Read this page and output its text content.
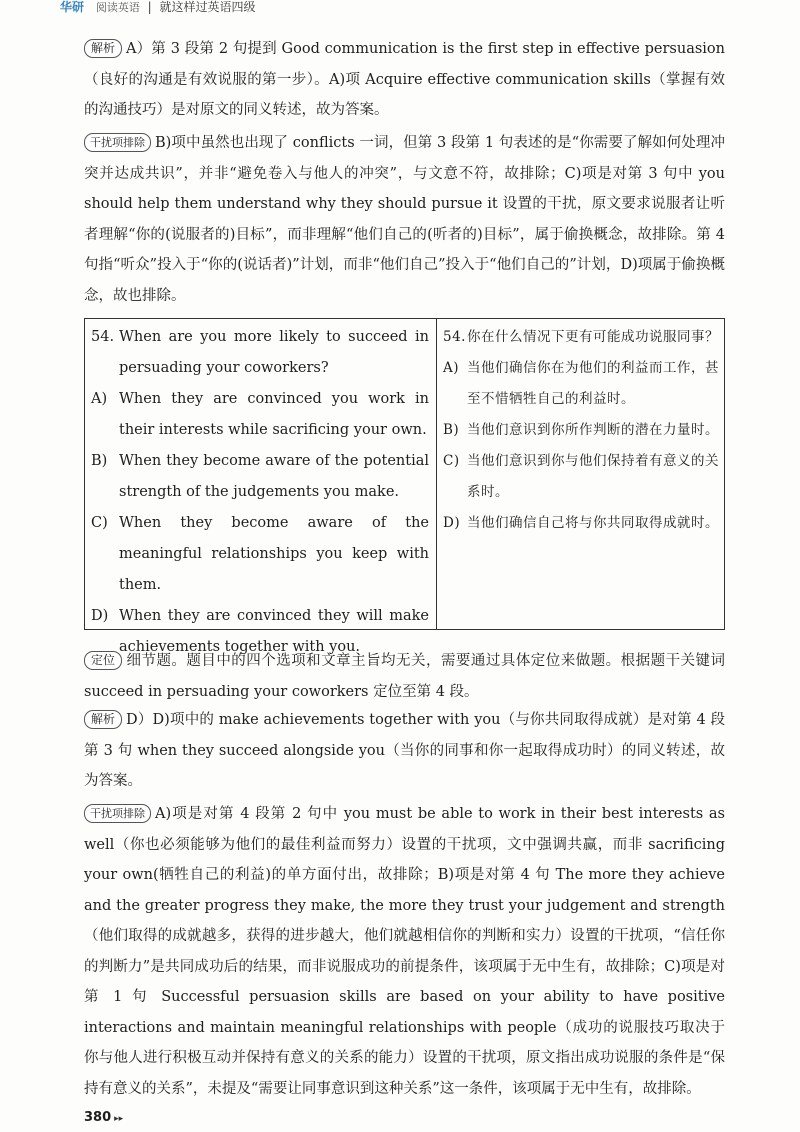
华研 阅读英语 | 就这样过英语四级

解析 A）第 3 段第 2 句提到 Good communication is the first step in effective persuasion（良好的沟通是有效说服的第一步）。A)项 Acquire effective communication skills（掌握有效的沟通技巧）是对原文的同义转述，故为答案。

干扰项排除 B)项中虽然也出现了 conflicts 一词，但第 3 段第 1 句表述的是“你需要了解如何处理冲突并达成共识”，并非“避免卷入与他人的冲突”，与文意不符，故排除；C)项是对第 3 句中 you should help them understand why they should pursue it 设置的干扰，原文要求说服者让听者理解“你的(说服者的)目标”，而非理解“他们自己的(听者的)目标”，属于偷换概念，故排除。第 4 句指“听众”投入于“你的(说话者)”计划，而非“他们自己”投入于“他们自己的”计划，D)项属于偷换概念，故也排除。

54. When are you more likely to succeed in persuading your coworkers?
A) When they are convinced you work in their interests while sacrificing your own.
B) When they become aware of the potential strength of the judgements you make.
C) When they become aware of the meaningful relationships you keep with them.
D) When they are convinced they will make achievements together with you.
54. 你在什么情况下更有可能成功说服同事？
A) 当他们确信你在为他们的利益而工作，甚至不惜牺牲自己的利益时。
B) 当他们意识到你所作判断的潜在力量时。
C) 当他们意识到你与他们保持着有意义的关系时。
D) 当他们确信自己将与你共同取得成就时。

定位 细节题。题目中的四个选项和文章主旨均无关，需要通过具体定位来做题。根据题干关键词 succeed in persuading your coworkers 定位至第 4 段。

解析 D）D)项中的 make achievements together with you（与你共同取得成就）是对第 4 段第 3 句 when they succeed alongside you（当你的同事和你一起取得成功时）的同义转述，故为答案。

干扰项排除 A)项是对第 4 段第 2 句中 you must be able to work in their best interests as well（你也必须能够为他们的最佳利益而努力）设置的干扰项，文中强调共赢，而非 sacrificing your own(牺牲自己的利益)的单方面付出，故排除；B)项是对第 4 句 The more they achieve and the greater progress they make, the more they trust your judgement and strength（他们取得的成就越多，获得的进步越大，他们就越相信你的判断和实力）设置的干扰项，“信任你的判断力”是共同成功后的结果，而非说服成功的前提条件，该项属于无中生有，故排除；C)项是对第 1 句 Successful persuasion skills are based on your ability to have positive interactions and maintain meaningful relationships with people（成功的说服技巧取决于你与他人进行积极互动并保持有意义的关系的能力）设置的干扰项，原文指出成功说服的条件是“保持有意义的关系”，未提及“需要让同事意识到这种关系”这一条件，该项属于无中生有，故排除。

380 ▸▸
